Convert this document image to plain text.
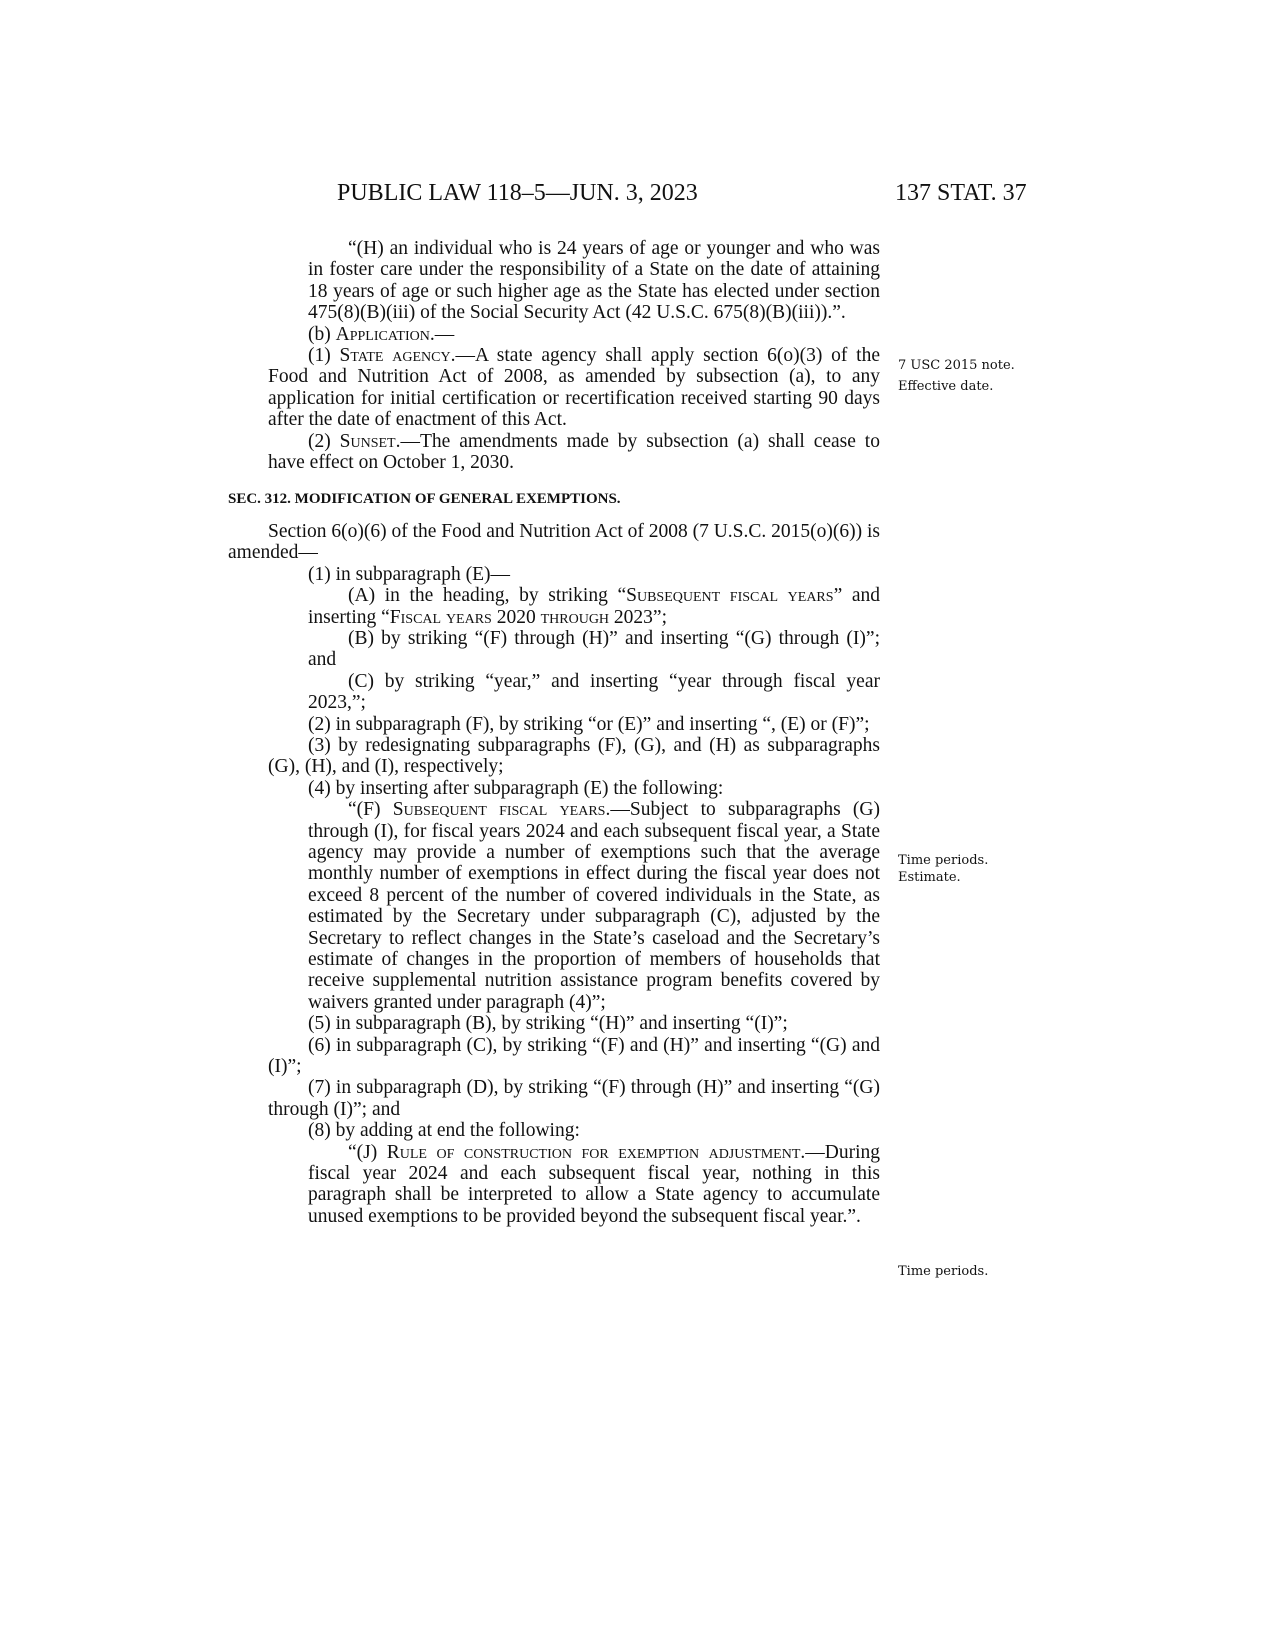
PUBLIC LAW 118–5—JUN. 3, 2023	137 STAT. 37

“(H) an individual who is 24 years of age or younger and who was in foster care under the responsibility of a State on the date of attaining 18 years of age or such higher age as the State has elected under section 475(8)(B)(iii) of the Social Security Act (42 U.S.C. 675(8)(B)(iii)).”.

(b) Application.—

(1) State agency.—A state agency shall apply section 6(o)(3) of the Food and Nutrition Act of 2008, as amended by subsection (a), to any application for initial certification or recertification received starting 90 days after the date of enactment of this Act.

(2) Sunset.—The amendments made by subsection (a) shall cease to have effect on October 1, 2030.

SEC. 312. MODIFICATION OF GENERAL EXEMPTIONS.

Section 6(o)(6) of the Food and Nutrition Act of 2008 (7 U.S.C. 2015(o)(6)) is amended—

(1) in subparagraph (E)—

(A) in the heading, by striking “Subsequent fiscal years” and inserting “Fiscal years 2020 through 2023”;

(B) by striking “(F) through (H)” and inserting “(G) through (I)”; and

(C) by striking “year,” and inserting “year through fiscal year 2023,”;

(2) in subparagraph (F), by striking “or (E)” and inserting “, (E) or (F)”;

(3) by redesignating subparagraphs (F), (G), and (H) as subparagraphs (G), (H), and (I), respectively;

(4) by inserting after subparagraph (E) the following:

“(F) Subsequent fiscal years.—Subject to subparagraphs (G) through (I), for fiscal years 2024 and each subsequent fiscal year, a State agency may provide a number of exemptions such that the average monthly number of exemptions in effect during the fiscal year does not exceed 8 percent of the number of covered individuals in the State, as estimated by the Secretary under subparagraph (C), adjusted by the Secretary to reflect changes in the State’s caseload and the Secretary’s estimate of changes in the proportion of members of households that receive supplemental nutrition assistance program benefits covered by waivers granted under paragraph (4)”;

(5) in subparagraph (B), by striking “(H)” and inserting “(I)”;

(6) in subparagraph (C), by striking “(F) and (H)” and inserting “(G) and (I)”;

(7) in subparagraph (D), by striking “(F) through (H)” and inserting “(G) through (I)”; and

(8) by adding at end the following:

“(J) Rule of construction for exemption adjustment.—During fiscal year 2024 and each subsequent fiscal year, nothing in this paragraph shall be interpreted to allow a State agency to accumulate unused exemptions to be provided beyond the subsequent fiscal year.”.

7 USC 2015 note.
Effective date.
Time periods.
Estimate.
Time periods.
